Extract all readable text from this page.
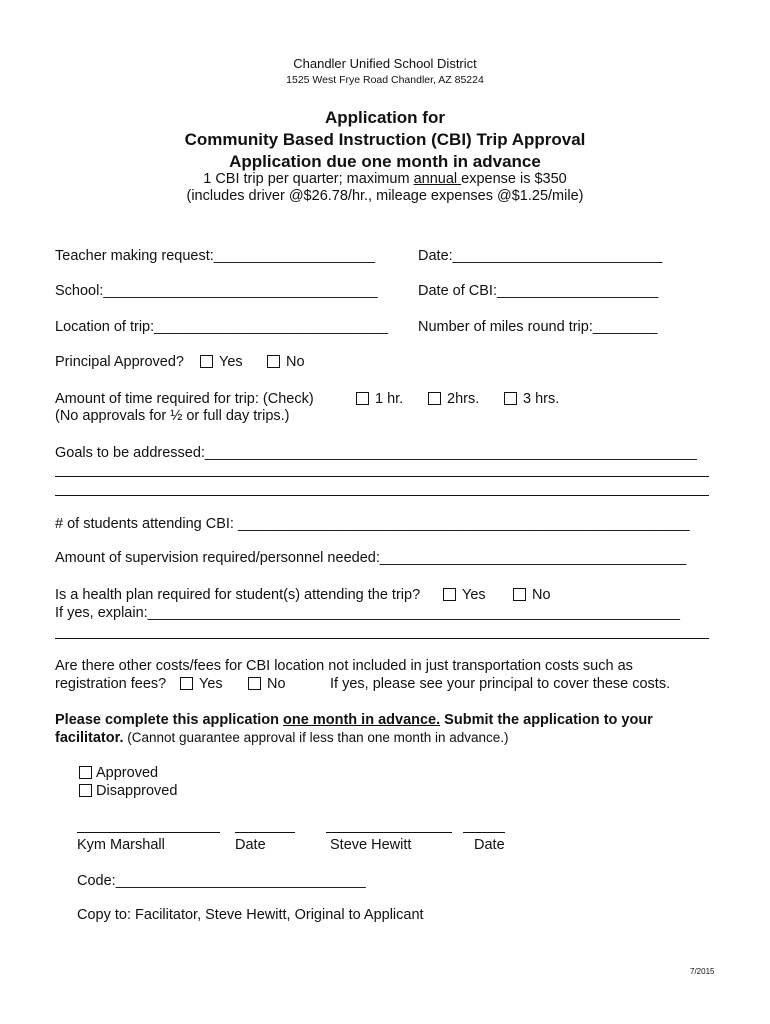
Chandler Unified School District
1525 West Frye Road Chandler, AZ 85224
Application for
Community Based Instruction (CBI) Trip Approval
Application due one month in advance
1 CBI trip per quarter; maximum annual expense is $350
(includes driver @$26.78/hr., mileage expenses @$1.25/mile)
Teacher making request:____________________	Date:__________________________
School:__________________________________	Date of CBI:____________________
Location of trip:_____________________________ Number of miles round trip:________
Principal Approved?	Yes	No
Amount of time required for trip: (Check)
(No approvals for ½ or full day trips.)
1 hr.	2hrs.	3 hrs.
Goals to be addressed:_____________________________________________________________
# of students attending CBI: ________________________________________________________
Amount of supervision required/personnel needed:______________________________________
Is a health plan required for student(s) attending the trip?	Yes	No
If yes, explain:__________________________________________________________________
Are there other costs/fees for CBI location not included in just transportation costs such as
registration fees?	Yes	No	If yes, please see your principal to cover these costs.
Please complete this application one month in advance. Submit the application to your
facilitator. (Cannot guarantee approval if less than one month in advance.)
Approved
Disapproved
Kym Marshall	Date	Steve Hewitt	Date
Code:_______________________________
Copy to: Facilitator, Steve Hewitt, Original to Applicant
7/2015
